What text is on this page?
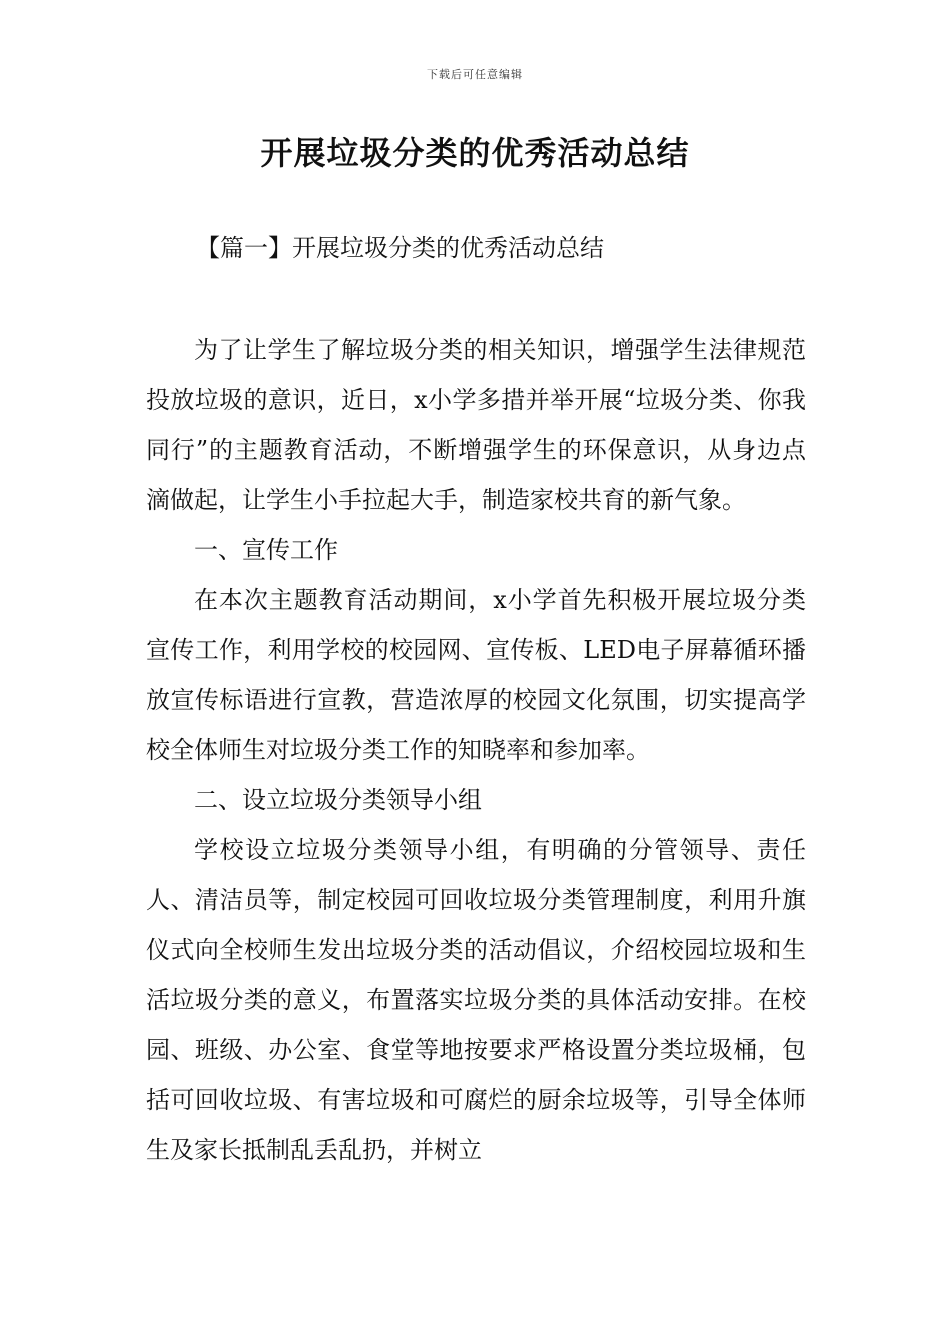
下载后可任意编辑
开展垃圾分类的优秀活动总结
【篇一】开展垃圾分类的优秀活动总结

为了让学生了解垃圾分类的相关知识，增强学生法律规范投放垃圾的意识，近日，x小学多措并举开展“垃圾分类、你我同行”的主题教育活动，不断增强学生的环保意识，从身边点滴做起，让学生小手拉起大手，制造家校共育的新气象。

一、宣传工作

在本次主题教育活动期间，x小学首先积极开展垃圾分类宣传工作，利用学校的校园网、宣传板、LED电子屏幕循环播放宣传标语进行宣教，营造浓厚的校园文化氛围，切实提高学校全体师生对垃圾分类工作的知晓率和参加率。

二、设立垃圾分类领导小组

学校设立垃圾分类领导小组，有明确的分管领导、责任人、清洁员等，制定校园可回收垃圾分类管理制度，利用升旗仪式向全校师生发出垃圾分类的活动倡议，介绍校园垃圾和生活垃圾分类的意义，布置落实垃圾分类的具体活动安排。在校园、班级、办公室、食堂等地按要求严格设置分类垃圾桶，包括可回收垃圾、有害垃圾和可腐烂的厨余垃圾等，引导全体师生及家长抵制乱丢乱扔，并树立
